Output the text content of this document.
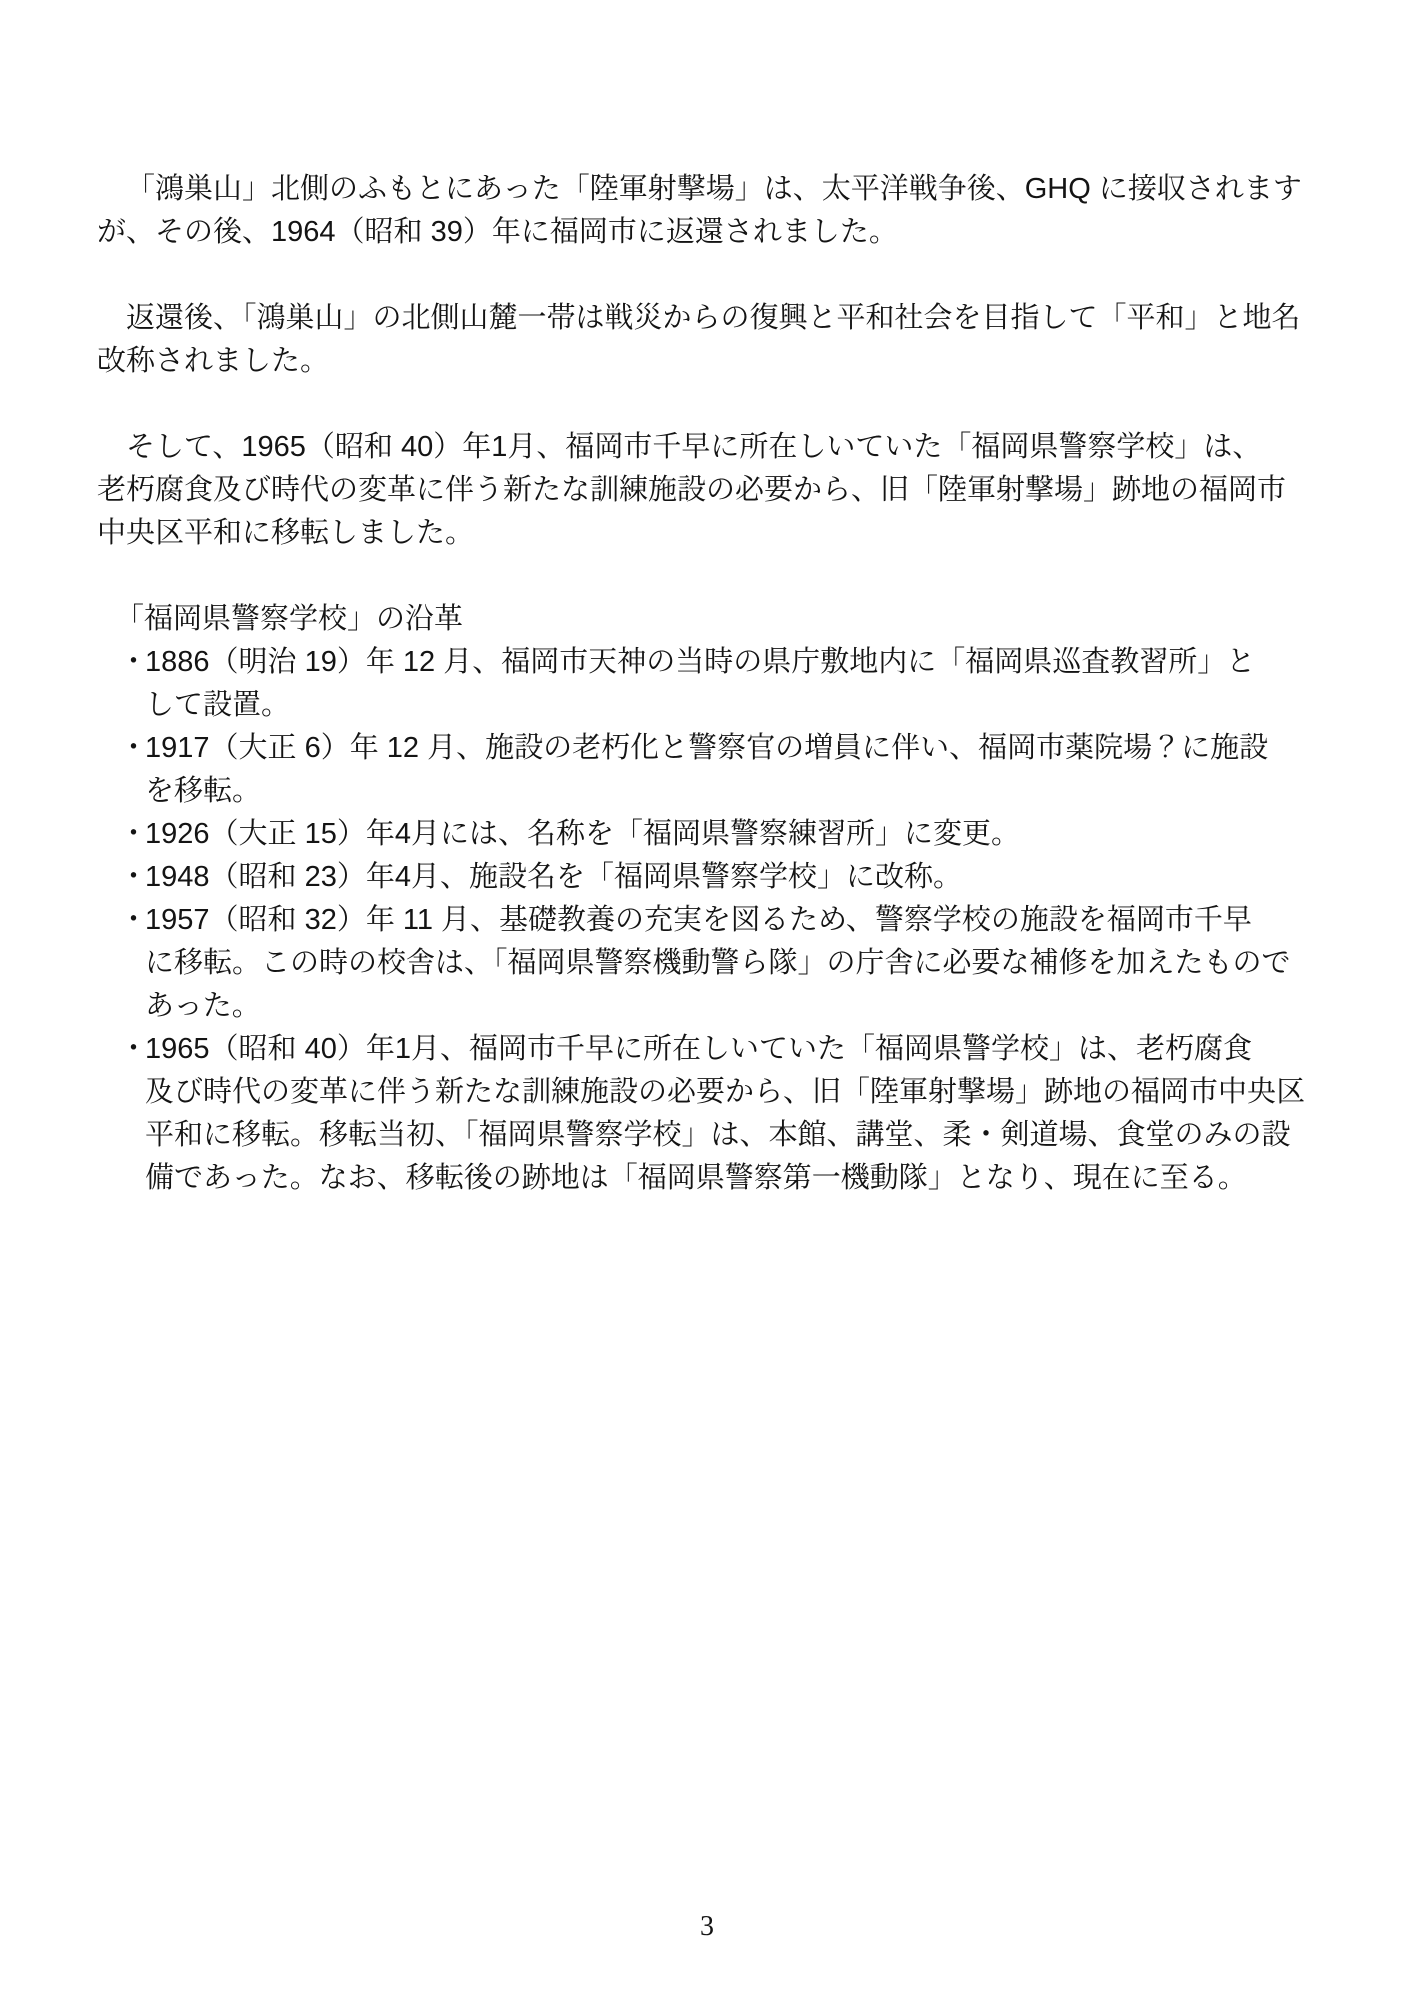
「鴻巣山」北側のふもとにあった「陸軍射撃場」は、太平洋戦争後、GHQ に接収されます
が、その後、1964（昭和 39）年に福岡市に返還されました。
返還後、「鴻巣山」の北側山麓一帯は戦災からの復興と平和社会を目指して「平和」と地名
改称されました。
そして、1965（昭和 40）年1月、福岡市千早に所在しいていた「福岡県警察学校」は、
老朽腐食及び時代の変革に伴う新たな訓練施設の必要から、旧「陸軍射撃場」跡地の福岡市
中央区平和に移転しました。
「福岡県警察学校」の沿革
・
1886（明治 19）年 12 月、福岡市天神の当時の県庁敷地内に「福岡県巡査教習所」と
して設置。
・
1917（大正 6）年 12 月、施設の老朽化と警察官の増員に伴い、福岡市薬院場？に施設
を移転。
・
1926（大正 15）年4月には、名称を「福岡県警察練習所」に変更。
・
1948（昭和 23）年4月、施設名を「福岡県警察学校」に改称。
・
1957（昭和 32）年 11 月、基礎教養の充実を図るため、警察学校の施設を福岡市千早
に移転。この時の校舎は、「福岡県警察機動警ら隊」の庁舎に必要な補修を加えたもので
あった。
・
1965（昭和 40）年1月、福岡市千早に所在しいていた「福岡県警学校」は、老朽腐食
及び時代の変革に伴う新たな訓練施設の必要から、旧「陸軍射撃場」跡地の福岡市中央区
平和に移転。移転当初、「福岡県警察学校」は、本館、講堂、柔・剣道場、食堂のみの設
備であった。なお、移転後の跡地は「福岡県警察第一機動隊」となり、現在に至る。
3
